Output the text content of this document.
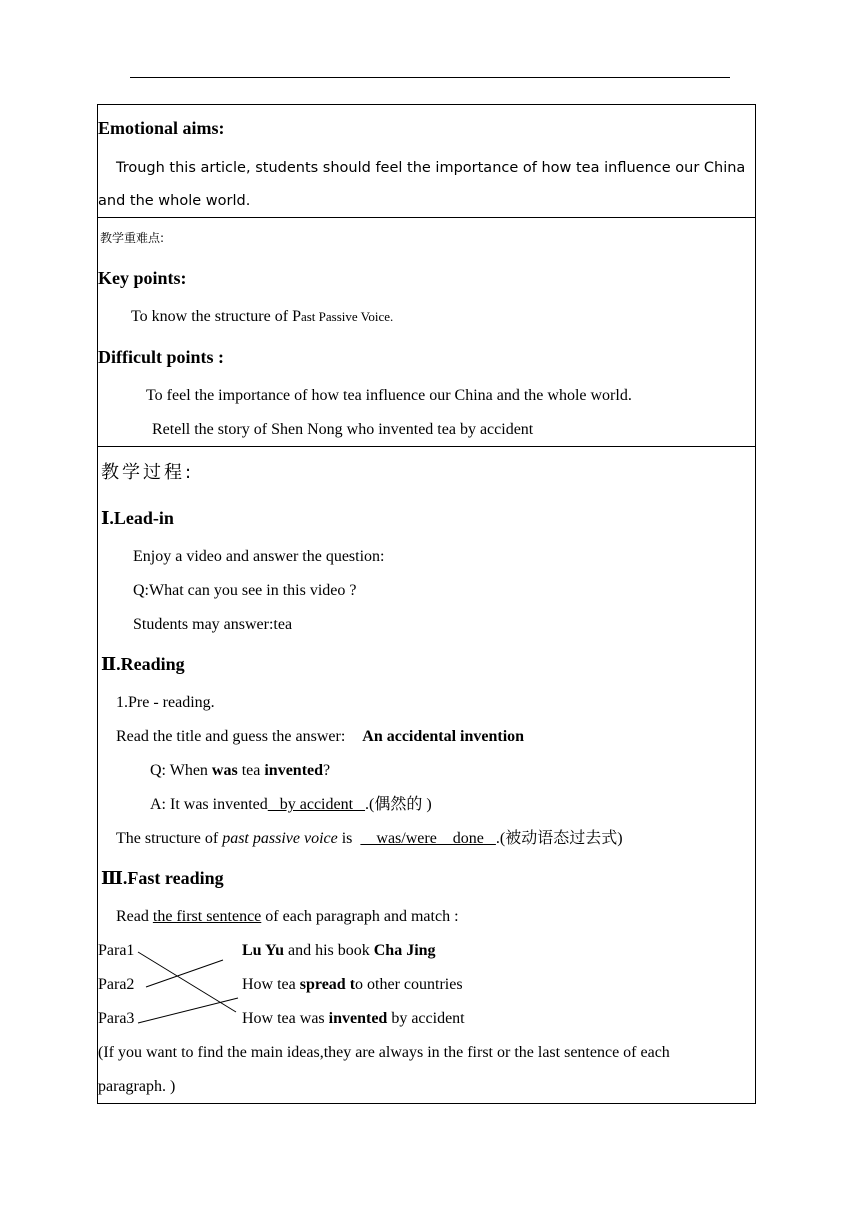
Emotional aims:
Trough this article, students should feel the importance of how tea influence our China
and the whole world.
教学重难点:
Key points:
To know the structure of Past Passive Voice.
Difficult points :
To feel the importance of how tea influence our China and the whole world.
Retell the story of Shen Nong who invented tea by accident
教学过程:
Ⅰ.Lead-in
Enjoy a video and answer the question:
Q:What can you see in this video ?
Students may answer:tea
Ⅱ.Reading
1.Pre - reading.
Read the title and guess the answer: An accidental invention
Q: When was tea invented?
A: It was invented   by accident   .(偶然的 )
The structure of past passive voice is      was/were    done   .(被动语态过去式)
Ⅲ.Fast reading
Read the first sentence of each paragraph and match :
Para1
Para2
Para3
Lu Yu and his book Cha Jing
How tea spread to other countries
How tea was invented by accident
(If you want to find the main ideas,they are always in the first or the last sentence of each
paragraph. )
